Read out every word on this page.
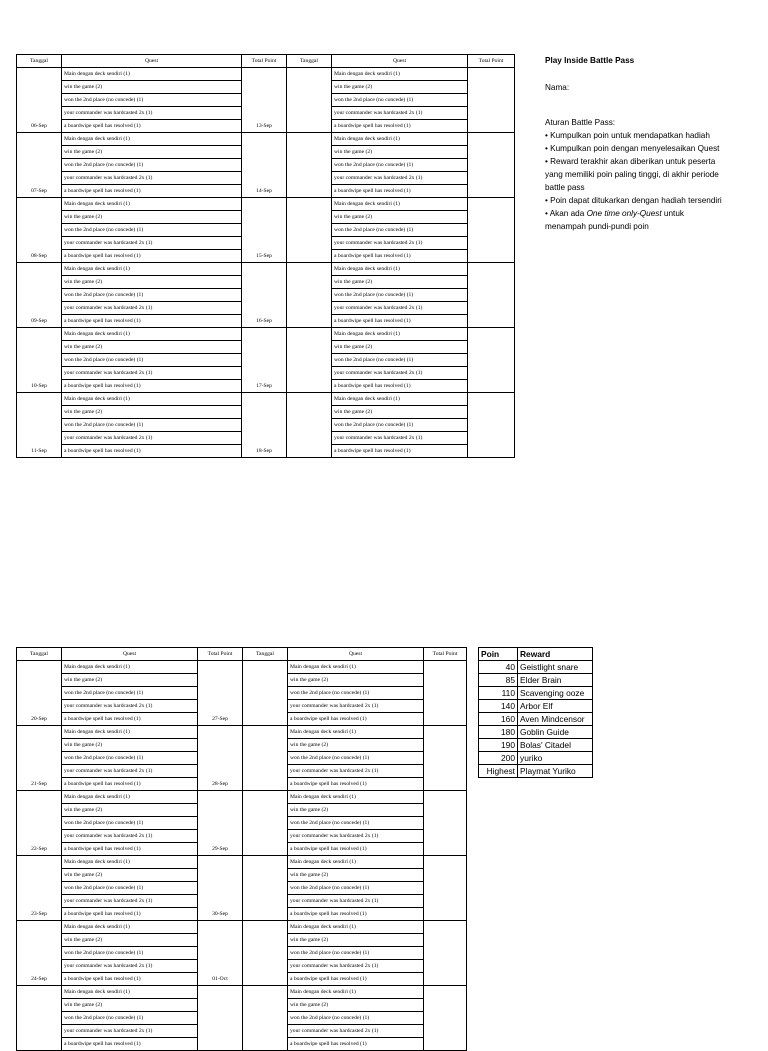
Tanggal	Quest	Total Point	Tanggal	Quest	Total Point
06-Sep	Main dengan deck sendiri (1)	13-Sep		Main dengan deck sendiri (1)	
	win the game (2)			win the game (2)	
	won the 2nd place (no concede) (1)			won the 2nd place (no concede) (1)	
	your commander was hardcasted 2x (1)			your commander was hardcasted 2x (1)	
	a boardwipe spell has resolved (1)			a boardwipe spell has resolved (1)	
07-Sep	Main dengan deck sendiri (1)	14-Sep		Main dengan deck sendiri (1)	
	win the game (2)			win the game (2)	
	won the 2nd place (no concede) (1)			won the 2nd place (no concede) (1)	
	your commander was hardcasted 2x (1)			your commander was hardcasted 2x (1)	
	a boardwipe spell has resolved (1)			a boardwipe spell has resolved (1)	
08-Sep	Main dengan deck sendiri (1)	15-Sep		Main dengan deck sendiri (1)	
	win the game (2)			win the game (2)	
	won the 2nd place (no concede) (1)			won the 2nd place (no concede) (1)	
	your commander was hardcasted 2x (1)			your commander was hardcasted 2x (1)	
	a boardwipe spell has resolved (1)			a boardwipe spell has resolved (1)	
09-Sep	Main dengan deck sendiri (1)	16-Sep		Main dengan deck sendiri (1)	
	win the game (2)			win the game (2)	
	won the 2nd place (no concede) (1)			won the 2nd place (no concede) (1)	
	your commander was hardcasted 2x (1)			your commander was hardcasted 2x (1)	
	a boardwipe spell has resolved (1)			a boardwipe spell has resolved (1)	
10-Sep	Main dengan deck sendiri (1)	17-Sep		Main dengan deck sendiri (1)	
	win the game (2)			win the game (2)	
	won the 2nd place (no concede) (1)			won the 2nd place (no concede) (1)	
	your commander was hardcasted 2x (1)			your commander was hardcasted 2x (1)	
	a boardwipe spell has resolved (1)			a boardwipe spell has resolved (1)	
11-Sep	Main dengan deck sendiri (1)	18-Sep		Main dengan deck sendiri (1)	
	win the game (2)			win the game (2)	
	won the 2nd place (no concede) (1)			won the 2nd place (no concede) (1)	
	your commander was hardcasted 2x (1)			your commander was hardcasted 2x (1)	
	a boardwipe spell has resolved (1)			a boardwipe spell has resolved (1)	
Play Inside Battle Pass
Nama:
Aturan Battle Pass:
• Kumpulkan poin untuk mendapatkan hadiah
• Kumpulkan poin dengan menyelesaikan Quest
• Reward terakhir akan diberikan untuk peserta yang memiliki poin paling tinggi, di akhir periode battle pass
• Poin dapat ditukarkan dengan hadiah tersendiri
• Akan ada One time only-Quest untuk menampah pundi-pundi poin
Tanggal	Quest	Total Point	Tanggal	Quest	Total Point
20-Sep	Main dengan deck sendiri (1)	27-Sep		Main dengan deck sendiri (1)	
	win the game (2)			win the game (2)	
	won the 2nd place (no concede) (1)			won the 2nd place (no concede) (1)	
	your commander was hardcasted 2x (1)			your commander was hardcasted 2x (1)	
	a boardwipe spell has resolved (1)			a boardwipe spell has resolved (1)	
21-Sep	Main dengan deck sendiri (1)	28-Sep		Main dengan deck sendiri (1)	
	win the game (2)			win the game (2)	
	won the 2nd place (no concede) (1)			won the 2nd place (no concede) (1)	
	your commander was hardcasted 2x (1)			your commander was hardcasted 2x (1)	
	a boardwipe spell has resolved (1)			a boardwipe spell has resolved (1)	
22-Sep	Main dengan deck sendiri (1)	29-Sep		Main dengan deck sendiri (1)	
	win the game (2)			win the game (2)	
	won the 2nd place (no concede) (1)			won the 2nd place (no concede) (1)	
	your commander was hardcasted 2x (1)			your commander was hardcasted 2x (1)	
	a boardwipe spell has resolved (1)			a boardwipe spell has resolved (1)	
23-Sep	Main dengan deck sendiri (1)	30-Sep		Main dengan deck sendiri (1)	
	win the game (2)			win the game (2)	
	won the 2nd place (no concede) (1)			won the 2nd place (no concede) (1)	
	your commander was hardcasted 2x (1)			your commander was hardcasted 2x (1)	
	a boardwipe spell has resolved (1)			a boardwipe spell has resolved (1)	
24-Sep	Main dengan deck sendiri (1)	01-Oct		Main dengan deck sendiri (1)	
	win the game (2)			win the game (2)	
	won the 2nd place (no concede) (1)			won the 2nd place (no concede) (1)	
	your commander was hardcasted 2x (1)			your commander was hardcasted 2x (1)	
	a boardwipe spell has resolved (1)			a boardwipe spell has resolved (1)	
	Main dengan deck sendiri (1)			Main dengan deck sendiri (1)	
	win the game (2)			win the game (2)	
	won the 2nd place (no concede) (1)			won the 2nd place (no concede) (1)	
	your commander was hardcasted 2x (1)			your commander was hardcasted 2x (1)	
	a boardwipe spell has resolved (1)			a boardwipe spell has resolved (1)	
Poin	Reward
40	Geistlight snare
85	Elder Brain
110	Scavenging ooze
140	Arbor Elf
160	Aven Mindcensor
180	Goblin Guide
190	Bolas' Citadel
200	yuriko
Highest	Playmat Yuriko
